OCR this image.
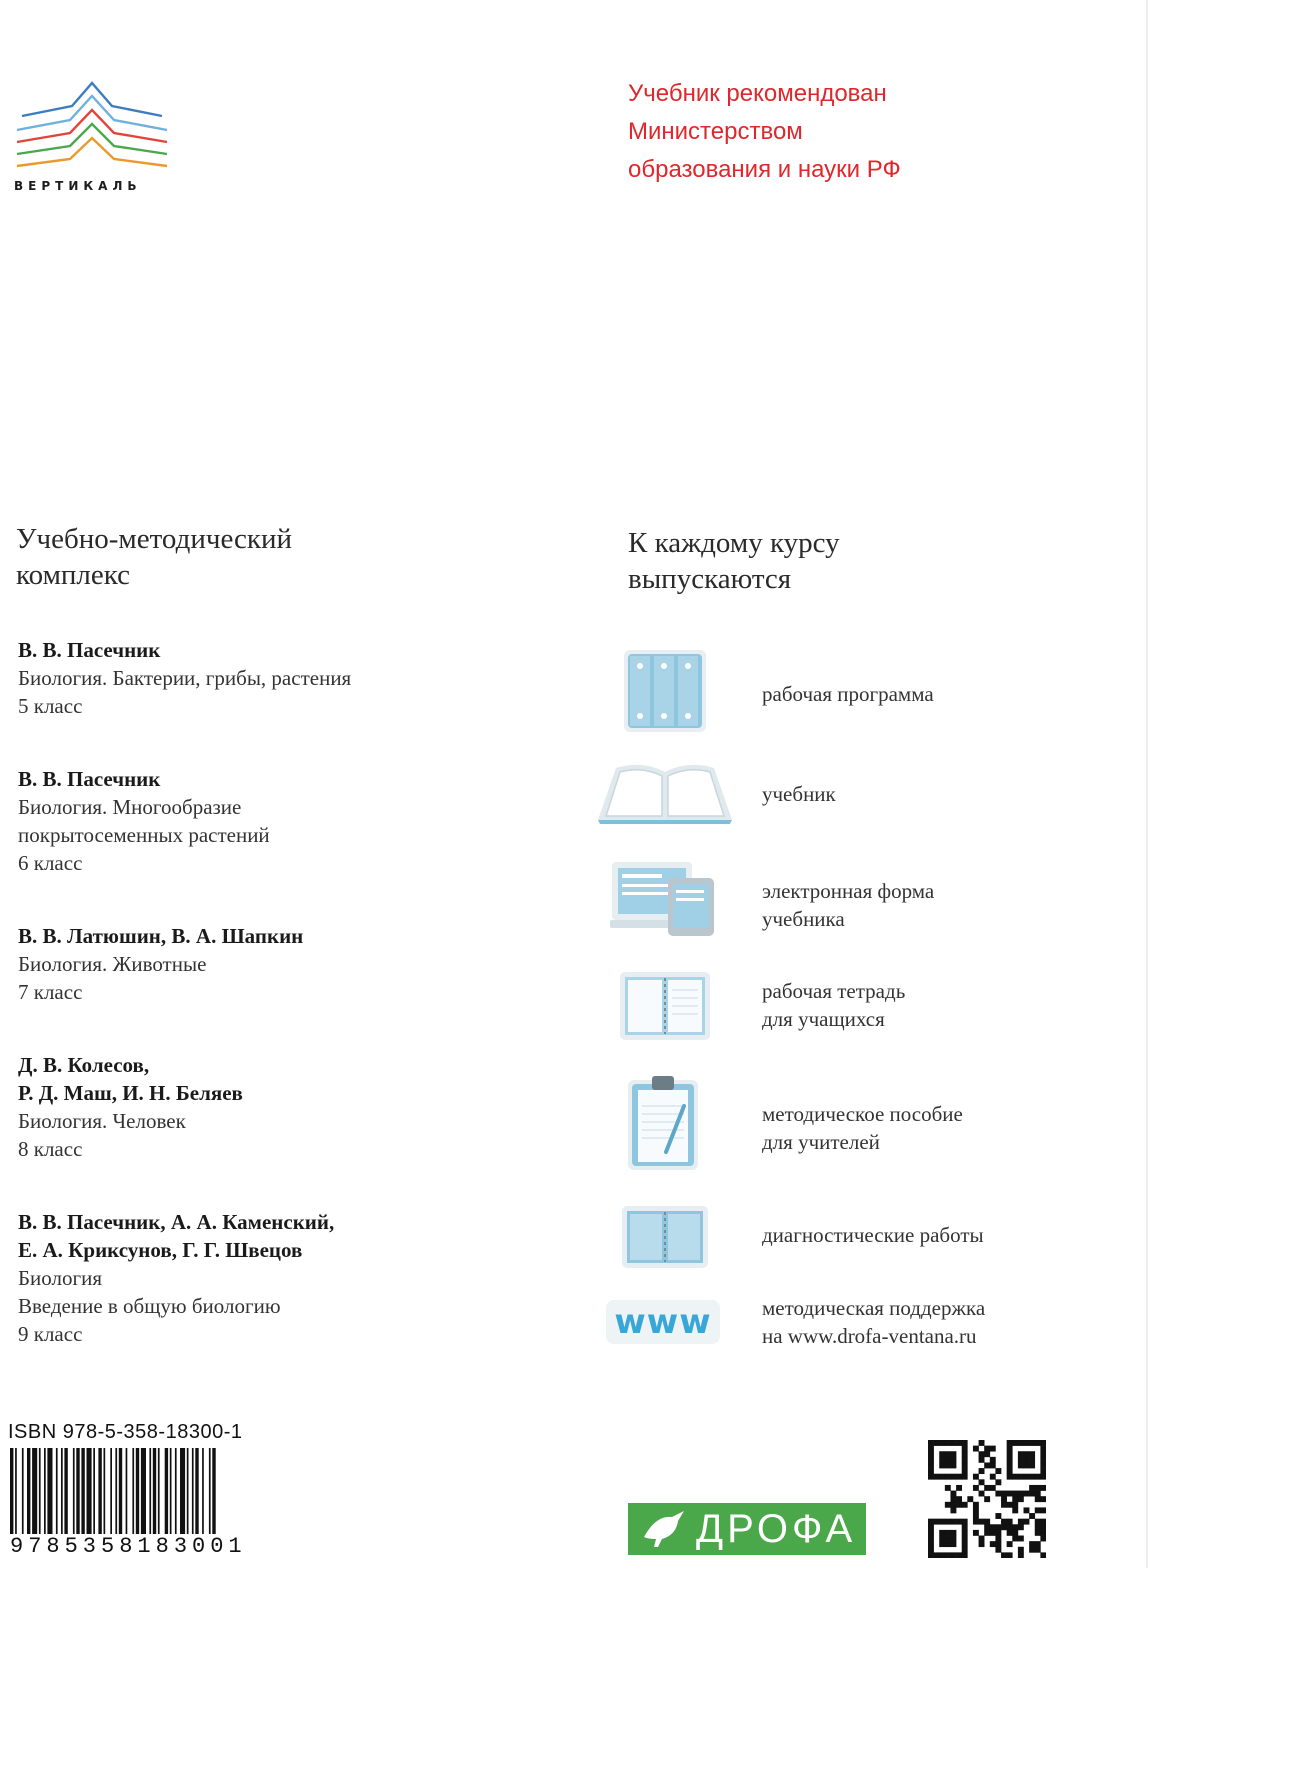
ВЕРТИКАЛЬ
Учебник рекомендован
Министерством
образования и науки РФ
Учебно-методический
комплекс
В. В. Пасечник
Биология. Бактерии, грибы, растения
5 класс
В. В. Пасечник
Биология. Многообразие
покрытосеменных растений
6 класс
В. В. Латюшин, В. А. Шапкин
Биология. Животные
7 класс
Д. В. Колесов,
Р. Д. Маш, И. Н. Беляев
Биология. Человек
8 класс
В. В. Пасечник, А. А. Каменский,
Е. А. Криксунов, Г. Г. Швецов
Биология
Введение в общую биологию
9 класс
К каждому курсу
выпускаются
www
рабочая программа
учебник
электронная форма
учебника
рабочая тетрадь
для учащихся
методическое пособие
для учителей
диагностические работы
методическая поддержка
на www.drofa-ventana.ru
ISBN 978-5-358-18300-1
9785358183001	ДРОФА
